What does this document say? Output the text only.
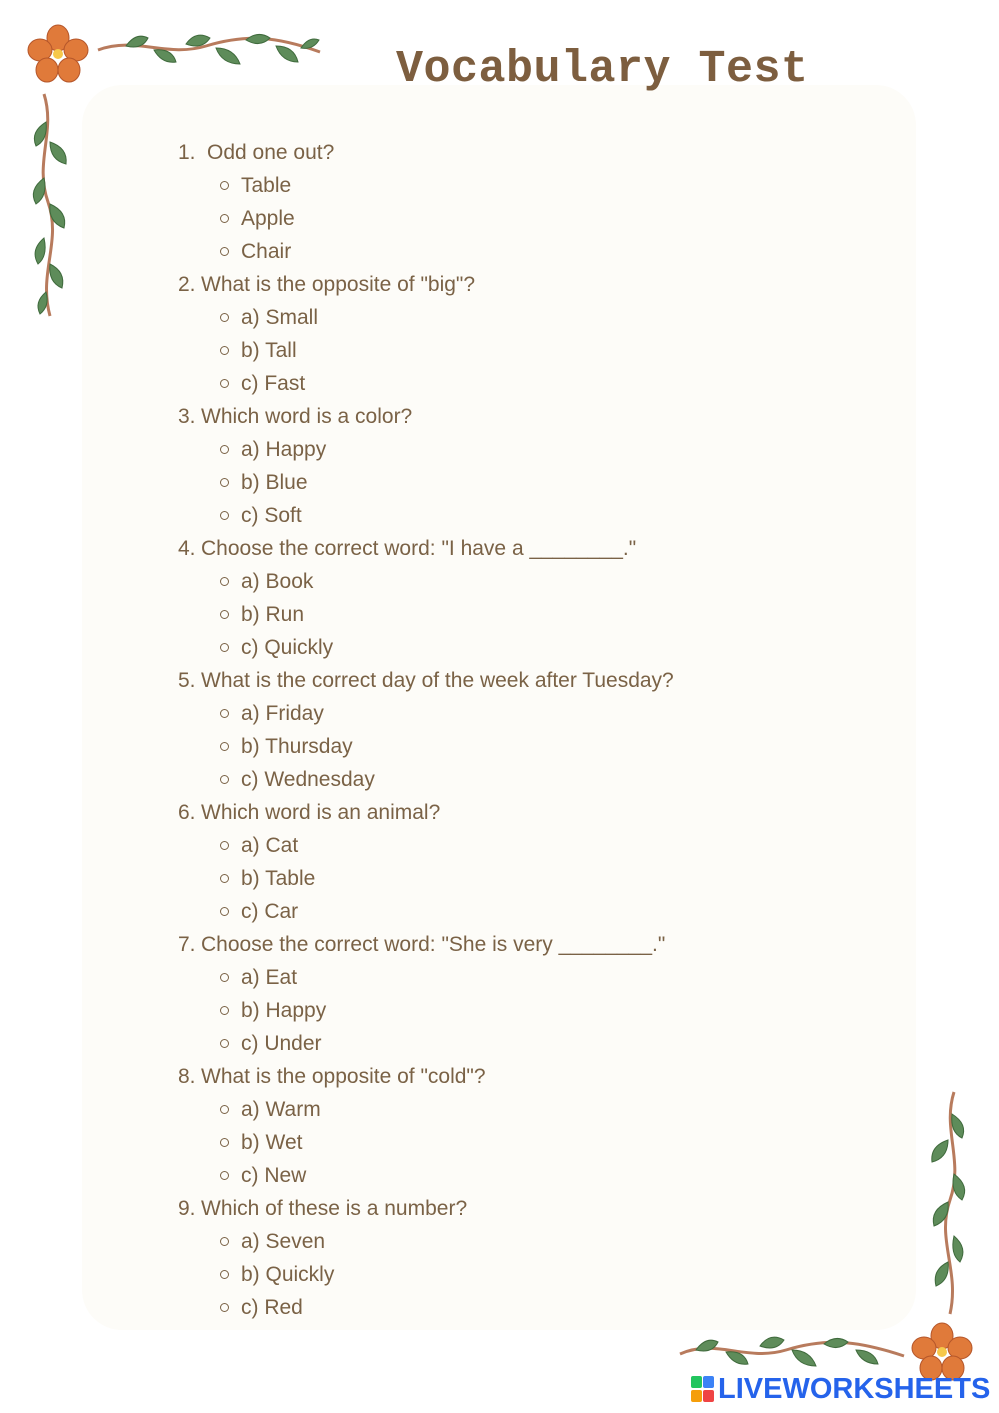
Vocabulary Test
1. Odd one out?
Table
Apple
Chair
2. What is the opposite of "big"?
a) Small
b) Tall
c) Fast
3. Which word is a color?
a) Happy
b) Blue
c) Soft
4. Choose the correct word: "I have a ________."
a) Book
b) Run
c) Quickly
5. What is the correct day of the week after Tuesday?
a) Friday
b) Thursday
c) Wednesday
6. Which word is an animal?
a) Cat
b) Table
c) Car
7. Choose the correct word: "She is very ________."
a) Eat
b) Happy
c) Under
8. What is the opposite of "cold"?
a) Warm
b) Wet
c) New
9. Which of these is a number?
a) Seven
b) Quickly
c) Red
LIVEWORKSHEETS
